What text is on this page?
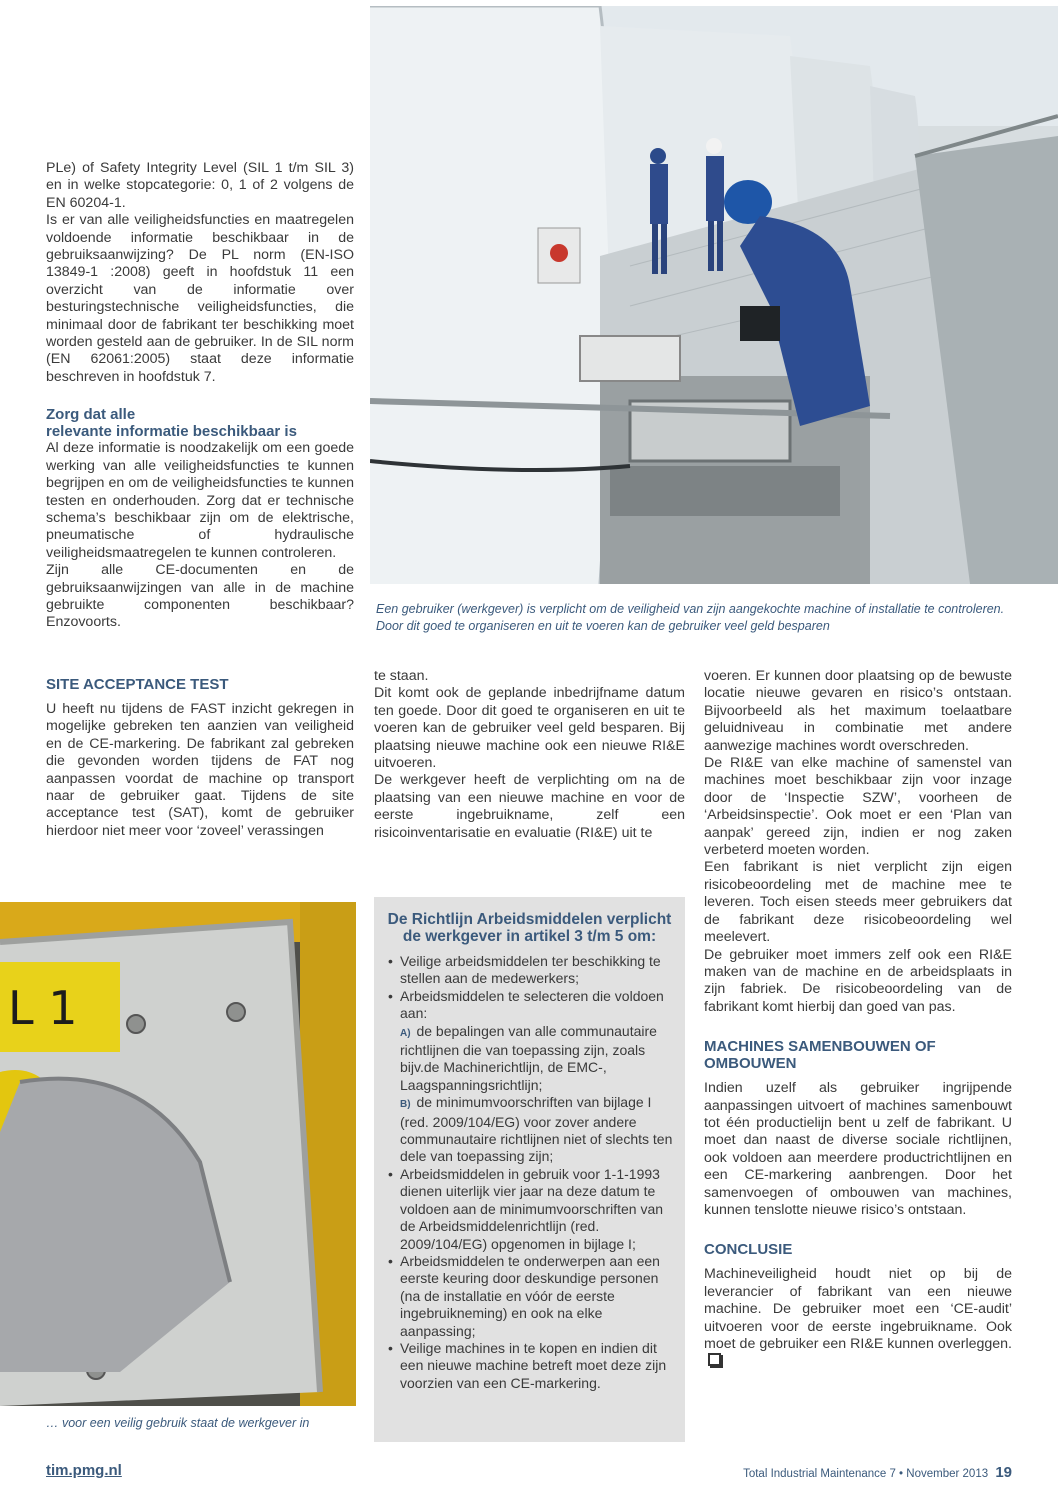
Een gebruiker (werkgever) is verplicht om de veiligheid van zijn aangekochte machine of installatie te controleren. Door dit goed te organiseren en uit te voeren kan de gebruiker veel geld besparen

PLe) of Safety Integrity Level (SIL 1 t/m SIL 3) en in welke stopcategorie: 0, 1 of 2 volgens de EN 60204-1.

Is er van alle veiligheidsfuncties en maatregelen voldoende informatie beschikbaar in de gebruiksaanwijzing? De PL norm (EN-ISO 13849-1 :2008) geeft in hoofdstuk 11 een overzicht van de informatie over besturingstechnische veiligheidsfuncties, die minimaal door de fabrikant ter beschikking moet worden gesteld aan de gebruiker. In de SIL norm (EN 62061:2005) staat deze informatie beschreven in hoofdstuk 7.

Zorg dat alle
relevante informatie beschikbaar is

Al deze informatie is noodzakelijk om een goede werking van alle veiligheidsfuncties te kunnen begrijpen en om de veiligheidsfuncties te kunnen testen en onderhouden. Zorg dat er technische schema’s beschikbaar zijn om de elektrische, pneumatische of hydraulische veiligheidsmaatregelen te kunnen controleren.

Zijn alle CE-documenten en de gebruiksaanwijzingen van alle in de machine gebruikte componenten beschikbaar? Enzovoorts.

SITE ACCEPTANCE TEST

U heeft nu tijdens de FAST inzicht gekregen in mogelijke gebreken ten aanzien van veiligheid en de CE-markering. De fabrikant zal gebreken die gevonden worden tijdens de FAT nog aanpassen voordat de machine op transport naar de gebruiker gaat. Tijdens de site acceptance test (SAT), komt de gebruiker hierdoor niet meer voor ‘zoveel’ verassingen

te staan.

Dit komt ook de geplande inbedrijfname datum ten goede. Door dit goed te organiseren en uit te voeren kan de gebruiker veel geld besparen. Bij plaatsing nieuwe machine ook een nieuwe RI&E uitvoeren.

De werkgever heeft de verplichting om na de plaatsing van een nieuwe machine en voor de eerste ingebruikname, zelf een risicoinventarisatie en evaluatie (RI&E) uit te

voeren. Er kunnen door plaatsing op de bewuste locatie nieuwe gevaren en risico’s ontstaan. Bijvoorbeeld als het maximum toelaatbare geluidniveau in combinatie met andere aanwezige machines wordt overschreden.

De RI&E van elke machine of samenstel van machines moet beschikbaar zijn voor inzage door de ‘Inspectie SZW’, voorheen de ‘Arbeidsinspectie’. Ook moet er een ‘Plan van aanpak’ gereed zijn, indien er nog zaken verbeterd moeten worden.

Een fabrikant is niet verplicht zijn eigen risicobeoordeling met de machine mee te leveren. Toch eisen steeds meer gebruikers dat de fabrikant deze risicobeoordeling wel meelevert.

De gebruiker moet immers zelf ook een RI&E maken van de machine en de arbeidsplaats in zijn fabriek. De risicobeoordeling van de fabrikant komt hierbij dan goed van pas.

MACHINES SAMENBOUWEN OF OMBOUWEN

Indien uzelf als gebruiker ingrijpende aanpassingen uitvoert of machines samenbouwt tot één productielijn bent u zelf de fabrikant. U moet dan naast de diverse sociale richtlijnen, ook voldoen aan meerdere productrichtlijnen en een CE-markering aanbrengen. Door het samenvoegen of ombouwen van machines, kunnen tenslotte nieuwe risico’s ontstaan.

CONCLUSIE

Machineveiligheid houdt niet op bij de leverancier of fabrikant van een nieuwe machine. De gebruiker moet een ‘CE-audit’ uitvoeren voor de eerste ingebruikname. Ook moet de gebruiker een RI&E kunnen overleggen.

L 1
… voor een veilig gebruik staat de werkgever in
De Richtlijn Arbeidsmiddelen verplicht de werkgever in artikel 3 t/m 5 om:
• Veilige arbeidsmiddelen ter beschikking te stellen aan de medewerkers;
• Arbeidsmiddelen te selecteren die voldoen aan:
A) de bepalingen van alle communautaire richtlijnen die van toepassing zijn, zoals bijv.de Machinerichtlijn, de EMC-, Laagspanningsrichtlijn;
B) de minimumvoorschriften van bijlage I (red. 2009/104/EG) voor zover andere communautaire richtlijnen niet of slechts ten dele van toepassing zijn;
• Arbeidsmiddelen in gebruik voor 1-1-1993 dienen uiterlijk vier jaar na deze datum te voldoen aan de minimumvoorschriften van de Arbeidsmiddelenrichtlijn (red. 2009/104/EG) opgenomen in bijlage I;
• Arbeidsmiddelen te onderwerpen aan een eerste keuring door deskundige personen (na de installatie en vóór de eerste ingebruikneming) en ook na elke aanpassing;
• Veilige machines in te kopen en indien dit een nieuwe machine betreft moet deze zijn voorzien van een CE-markering.
tim.pmg.nl	Total Industrial Maintenance 7 • November 2013 19
